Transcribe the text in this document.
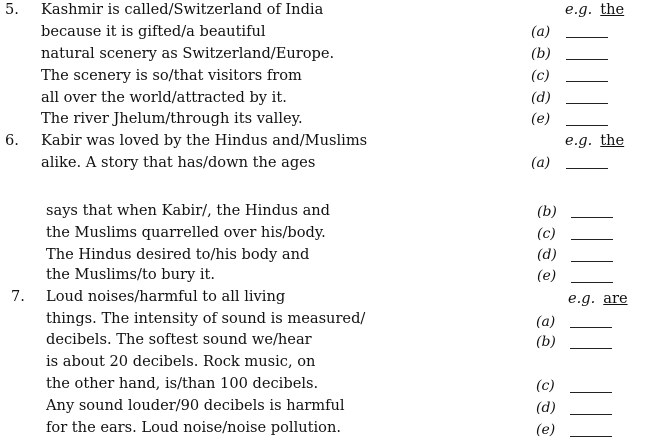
5.	e.g. the
Kashmir is called/Switzerland of India
because it is gifted/a beautiful
natural scenery as Switzerland/Europe.
The scenery is so/that visitors from
all over the world/attracted by it.
The river Jhelum/through its valley.
(a)
(b)
(c)
(d)
(e)
6.	e.g. the
Kabir was loved by the Hindus and/Muslims
alike. A story that has/down the ages
says that when Kabir/, the Hindus and
the Muslims quarrelled over his/body.
The Hindus desired to/his body and
the Muslims/to bury it.
(a)
(b)
(c)
(d)
(e)
7.	e.g. are
Loud noises/harmful to all living
things. The intensity of sound is measured/
decibels. The softest sound we/hear
is about 20 decibels. Rock music, on
the other hand, is/than 100 decibels.
Any sound louder/90 decibels is harmful
for the ears. Loud noise/noise pollution.
(a)
(b)
(c)
(d)
(e)
